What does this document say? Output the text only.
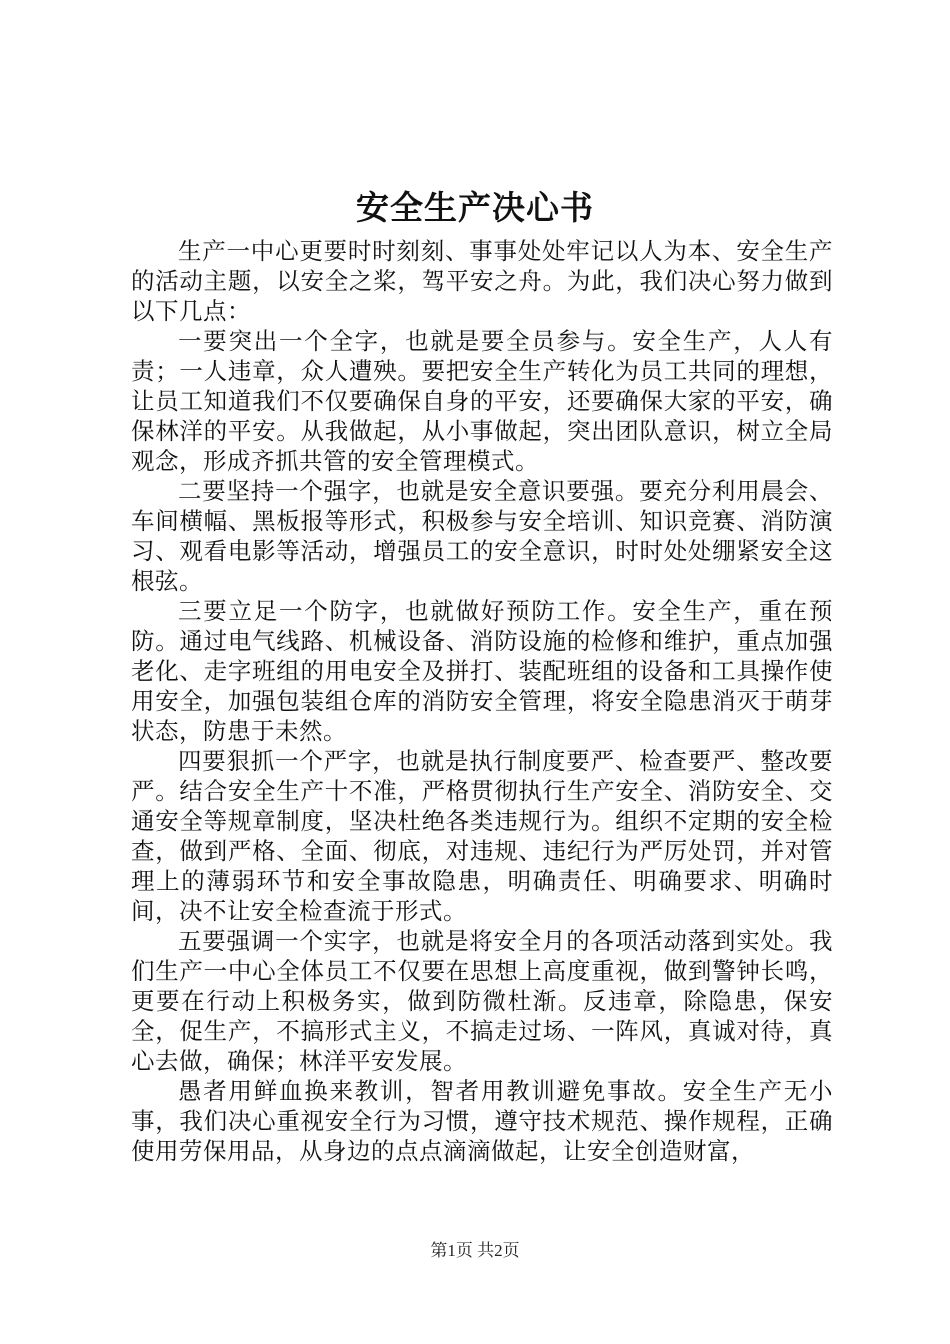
安全生产决心书

生产一中心更要时时刻刻、事事处处牢记以人为本、安全生产的活动主题，以安全之桨，驾平安之舟。为此，我们决心努力做到以下几点：

一要突出一个全字，也就是要全员参与。安全生产，人人有责；一人违章，众人遭殃。要把安全生产转化为员工共同的理想，让员工知道我们不仅要确保自身的平安，还要确保大家的平安，确保林洋的平安。从我做起，从小事做起，突出团队意识，树立全局观念，形成齐抓共管的安全管理模式。

二要坚持一个强字，也就是安全意识要强。要充分利用晨会、车间横幅、黑板报等形式，积极参与安全培训、知识竞赛、消防演习、观看电影等活动，增强员工的安全意识，时时处处绷紧安全这根弦。

三要立足一个防字，也就做好预防工作。安全生产，重在预防。通过电气线路、机械设备、消防设施的检修和维护，重点加强老化、走字班组的用电安全及拼打、装配班组的设备和工具操作使用安全，加强包装组仓库的消防安全管理，将安全隐患消灭于萌芽状态，防患于未然。

四要狠抓一个严字，也就是执行制度要严、检查要严、整改要严。结合安全生产十不准，严格贯彻执行生产安全、消防安全、交通安全等规章制度，坚决杜绝各类违规行为。组织不定期的安全检查，做到严格、全面、彻底，对违规、违纪行为严厉处罚，并对管理上的薄弱环节和安全事故隐患，明确责任、明确要求、明确时间，决不让安全检查流于形式。

五要强调一个实字，也就是将安全月的各项活动落到实处。我们生产一中心全体员工不仅要在思想上高度重视，做到警钟长鸣，更要在行动上积极务实，做到防微杜渐。反违章，除隐患，保安全，促生产，不搞形式主义，不搞走过场、一阵风，真诚对待，真心去做，确保；林洋平安发展。

愚者用鲜血换来教训，智者用教训避免事故。安全生产无小事，我们决心重视安全行为习惯，遵守技术规范、操作规程，正确使用劳保用品，从身边的点点滴滴做起，让安全创造财富，

第1页 共2页
